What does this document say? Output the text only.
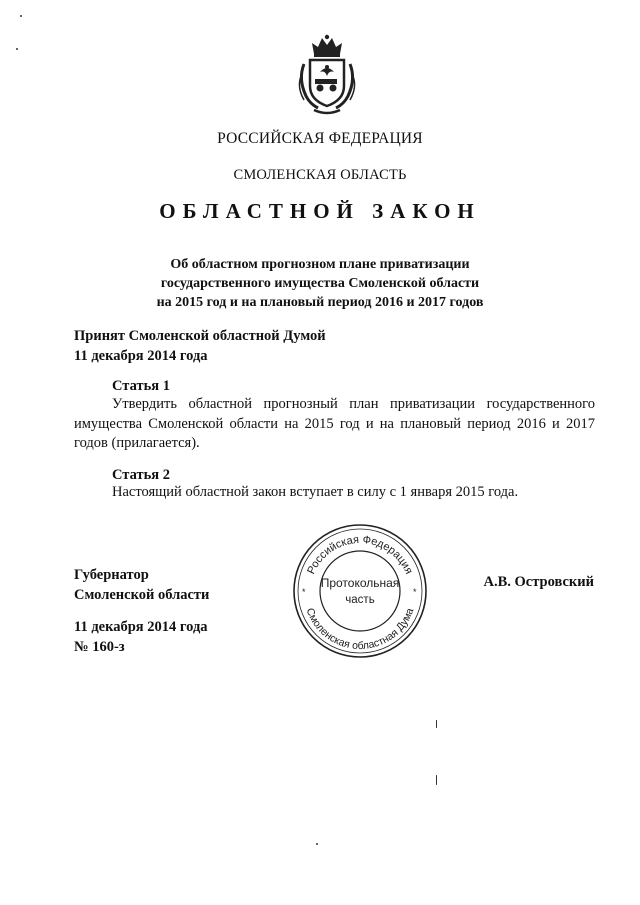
РОССИЙСКАЯ ФЕДЕРАЦИЯ
СМОЛЕНСКАЯ ОБЛАСТЬ
ОБЛАСТНОЙ ЗАКОН
Об областном прогнозном плане приватизации
государственного имущества Смоленской области
на 2015 год и на плановый период 2016 и 2017 годов
Принят Смоленской областной Думой
11 декабря 2014 года
Статья 1
Утвердить областной прогнозный план приватизации государственного имущества Смоленской области на 2015 год и на плановый период 2016 и 2017 годов (прилагается).
Статья 2
Настоящий областной закон вступает в силу с 1 января 2015 года.
Губернатор
Смоленской области
А.В. Островский
11 декабря 2014 года
№ 160-з
Российская Федерация
Смоленская областная Дума
*	*
Протокольная
часть
